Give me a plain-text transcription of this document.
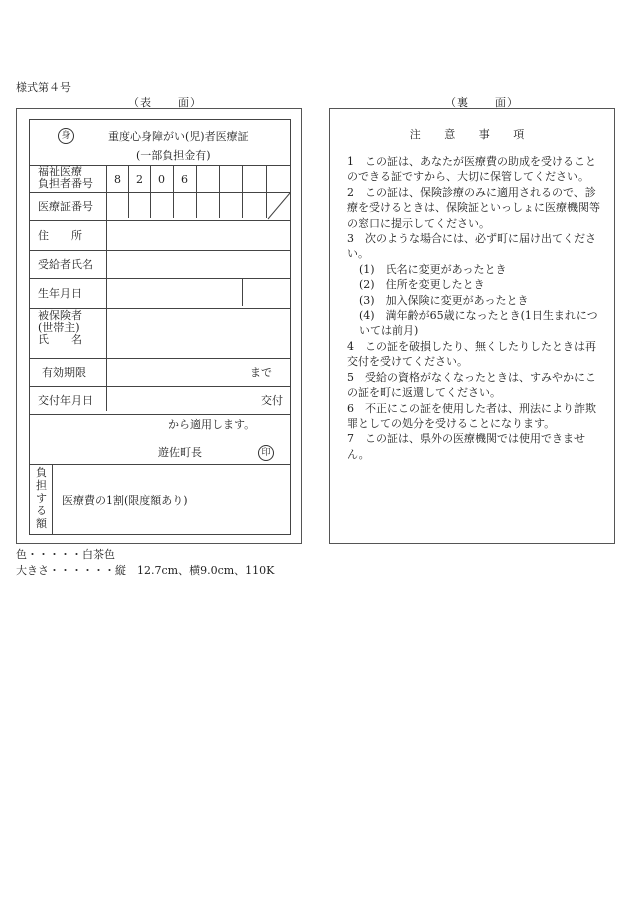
様式第４号
（表 面）	（裏 面）
身	重度心身障がい(児)者医療証
(一部負担金有)
福祉医療
負担者番号 8 2 0 6
医療証番号
住　　所
受給者氏名
生年月日
被保険者
(世帯主)
氏　　名
有効期限	まで
交付年月日	交付
から適用します。
遊佐町長	印
負
担
す
る
額
医療費の1割(限度額あり)
注 意 事 項

1　この証は、あなたが医療費の助成を受けることのできる証ですから、大切に保管してください。

2　この証は、保険診療のみに適用されるので、診療を受けるときは、保険証といっしょに医療機関等の窓口に提示してください。

3　次のような場合には、必ず町に届け出てください。

(1)　氏名に変更があったとき

(2)　住所を変更したとき

(3)　加入保険に変更があったとき

(4)　満年齢が65歳になったとき(1日生まれについては前月)

4　この証を破損したり、無くしたりしたときは再交付を受けてください。

5　受給の資格がなくなったときは、すみやかにこの証を町に返還してください。

6　不正にこの証を使用した者は、刑法により詐欺罪としての処分を受けることになります。

7　この証は、県外の医療機関では使用できません。

色・・・・・白茶色
大きさ・・・・・・縦　12.7cm、横9.0cm、110K
